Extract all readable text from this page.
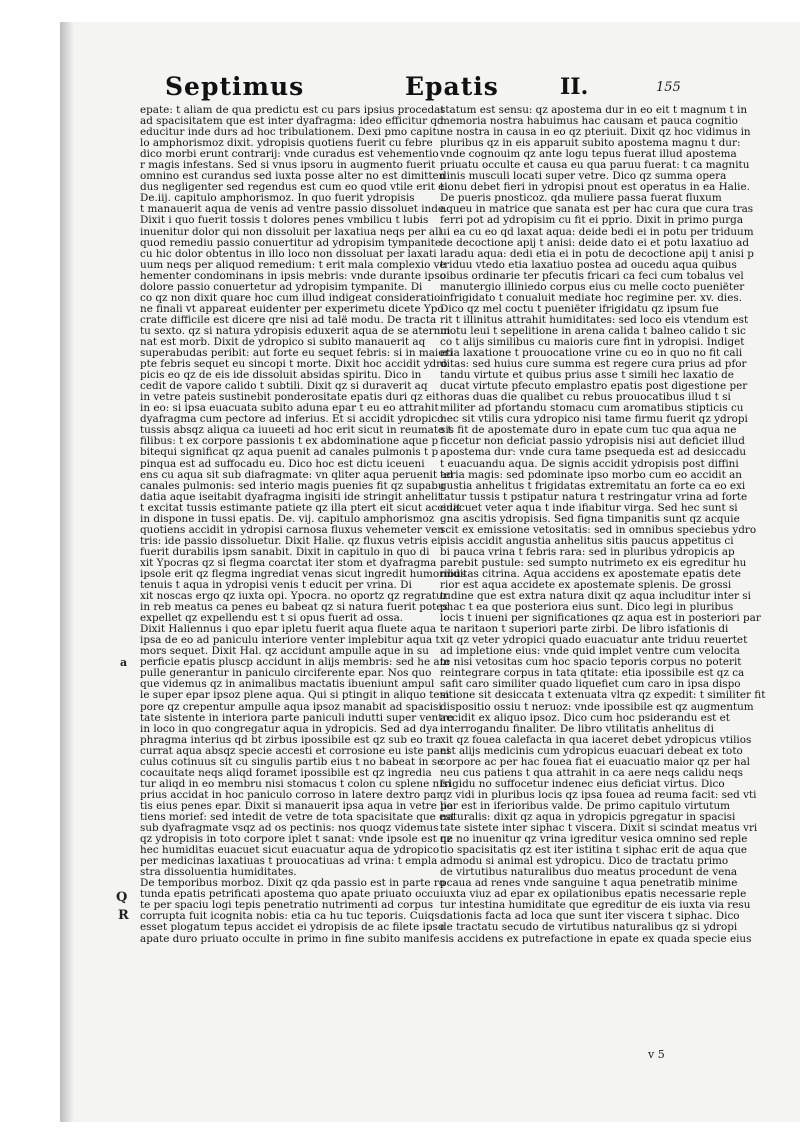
Septimus	Epatis	II.	155
a
Q
R
epate: t aliam de qua predictu est cu pars ipsius procedat
ad spacisitatem que est inter dyafragma: ideo efficitur qd
educitur inde durs ad hoc tribulationem. Dexi pmo capitu
lo amphorismoz dixit. ydropisis quotiens fuerit cu febre
dico morbi erunt contrarij: vnde curadus est vehementio
r magis infestans. Sed si vnus ipsoru in augmento fuerit
omnino est curandus sed iuxta posse alter no est dimitten
dus negligenter sed regendus est cum eo quod vtile erit ei.
De.iij. capitulo amphorismoz. In quo fuerit ydropisis
t manauerit aqua de venis ad ventre passio dissoluet inde.
Dixit i quo fuerit tossis t dolores penes vmbilicu t lubis
inuenitur dolor qui non dissoluit per laxatiua neqs per all
quod remediu passio conuertitur ad ydropisim tympanite
cu hic dolor obtentus in illo loco non dissoluat per laxati
uum neqs per aliquod remedium: t erit mala complexio ve
hementer condominans in ipsis mebris: vnde durante ipso
dolore passio conuertetur ad ydropisim tympanite. Di
co qz non dixit quare hoc cum illud indigeat consideratio
ne finali vt appareat euidenter per experimetu dicete Ypo
crate difficile est dicere qre nisi ad talë modu. De tracta
tu sexto. qz si natura ydropisis eduxerit aqua de se aternui
nat est morb. Dixit de ydropico si subito manauerit aq
superabudas peribit: aut forte eu sequet febris: si in maiori
pte febris sequet eu sincopi t morte. Dixit hoc accidit ydro
picis eo qz de eis ide dissoluit absidas spiritu. Dico in
cedit de vapore calido t subtili. Dixit qz si duraverit aq
in vetre pateis sustinebit ponderositate epatis duri qz eit
in eo: si ipsa euacuata subito aduna epar t eu eo attrahit
dyafragma cum pectore ad inferius. Et si accidit ydropico
tussis absqz aliqua ca iuueeti ad hoc erit sicut in reumate t
filibus: t ex corpore passionis t ex abdominatione aque p
bitequi significat qz aqua puenit ad canales pulmonis t p
pinqua est ad suffocadu eu. Dico hoc est dictu iceueni
ens cu aqua sit sub diafragmate: vn qliter aqua peruenit ad
canales pulmonis: sed interio magis puenies fit qz supabu
datia aque iseitabit dyafragma ingisiti ide stringit anhelit
t excitat tussis estimante patiete qz illa ptert eit sicut accidit
in dispone in tussi epatis. De. vij. capitulo amphorismoz
quotiens accidit in ydropisi carnosa fluxus vehemeter ven
tris: ide passio dissoluetur. Dixit Halie. qz fluxus vetris ei
fuerit durabilis ipsm sanabit. Dixit in capitulo in quo di
xit Ypocras qz si flegma coarctat iter stom et dyafragma
ipsole erit qz flegma ingrediat venas sicut ingredit humoribus
tenuis t aqua in ydropisi venis t educit per vrina. Di
xit noscas ergo qz iuxta opi. Ypocra. no oportz qz regratur
in reb meatus ca penes eu babeat qz si natura fuerit potes
expellet qz expellendu est t si opus fuerit ad ossa.
Dixit Haliennus i quo epar ipletu fuerit aqua fluete aqua
ipsa de eo ad paniculu interiore venter implebitur aqua t
mors sequet. Dixit Hal. qz accidunt ampulle aque in su
perficie epatis pluscp accidunt in alijs membris: sed he am
pulle generantur in paniculo circiferente epar. Nos quo
que videmus qz in animalibus mactatis ibueniunt ampul
le super epar ipsoz plene aqua. Qui si ptingit in aliquo tem
pore qz crepentur ampulle aqua ipsoz manabit ad spacisi
tate sistente in interiora parte paniculi indutti super ventre
in loco in quo congregatur aqua in ydropicis. Sed ad dya
phragma interius qd bt zirbus ipossibile est qz sub eo tra
currat aqua absqz specie accesti et corrosione eu iste pani
culus cotinuus sit cu singulis partib eius t no babeat in se
cocauitate neqs aliqd foramet ipossibile est qz ingredia
tur aliqd in eo membru nisi stomacus t colon cu splene nisi
prius accidat in hoc paniculo corroso in latere dextro par
tis eius penes epar. Dixit si manauerit ipsa aqua in vetre pa
tiens morief: sed intedit de vetre de tota spacisitate que est
sub dyafragmate vsqz ad os pectinis: nos quoqz videmus
qz ydropisis in toto corpore iplet t sanat: vnde ipsole est qz
hec humiditas euacuet sicut euacuatur aqua de ydropico
per medicinas laxatiuas t prouocatiuas ad vrina: t empla
stra dissoluentia humiditates.
De temporibus morboz. Dixit qz qda passio est in parte ro
tunda epatis petrificati apostema quo apate priuato occu
te per spaciu logi tepis penetratio nutrimenti ad corpus
corrupta fuit icognita nobis: etia ca hu tuc teporis. Cuiqs
esset plogatum tepus accidet ei ydropisis de ac filete ipso
apate duro priuato occulte in primo in fine subito manife
statum est sensu: qz apostema dur in eo eit t magnum t in
memoria nostra habuimus hac causam et pauca cognitio
ne nostra in causa in eo qz pteriuit. Dixit qz hoc vidimus in
pluribus qz in eis apparuit subito apostema magnu t dur:
vnde cognouim qz ante logu tepus fuerat illud apostema
priuatu occulte et causa eu qua paruu fuerat: t ca magnitu
dinis musculi locati super vetre. Dico qz summa opera
tionu debet fieri in ydropisi pnout est operatus in ea Halie.
De pueris pnosticoz. qda muliere passa fuerat fluxum
aqueu in matrice que sanata est per hac cura que cura tras
ferri pot ad ydropisim cu fit ei pprio. Dixit in primo purga
ui ea cu eo qd laxat aqua: deide bedi ei in potu per triduum
de decoctione apij t anisi: deide dato ei et potu laxatiuo ad
laradu aqua: dedi etia ei in potu de decoctione apij t anisi p
triduu vtedo etia laxatiuo postea ad oucedu aqua quibus
oibus ordinarie ter pfecutis fricari ca feci cum tobalus vel
manutergio illiniedo corpus eius cu melle cocto pueniëter
infrigidato t conualuit mediate hoc regimine per. xv. dies.
Dico qz mel coctu t pueniëter ifrigidatu qz ipsum fue
rit t illinitus attrahit humiditates: sed loco eis vtendum est
motu leui t sepelitione in arena calida t balneo calido t sic
co t alijs similibus cu maioris cure fint in ydropisi. Indiget
etia laxatione t prouocatione vrine cu eo in quo no fit cali
ditas: sed huius cure summa est regere cura prius ad pfor
tandu virtute et quibus prius asse t simili hec laxatio de
ducat virtute pfecuto emplastro epatis post digestione per
horas duas die qualibet cu rebus prouocatibus illud t si
militer ad pfortandu stomacu cum aromatibus stipticis cu
hec sit vtilis cura ydropico nisi tame firmu fuerit qz ydropi
sis fit de apostemate duro in epate cum tuc qua aqua ne
ficcetur non deficiat passio ydropisis nisi aut deficiet illud
apostema dur: vnde cura tame psequeda est ad desiccadu
t euacuandu aqua. De signis accidit ydropisis post diffini
teria magis: sed pdominate ipso morbo cum eo accidit an
gustia anhelitus t frigidatas extremitatu an forte ca eo exi
tatur tussis t pstipatur natura t restringatur vrina ad forte
euacuet veter aqua t inde ifiabitur virga. Sed hec sunt si
gna ascitis ydropisis. Sed figna timpanitis sunt qz acquie
scit ex emissione vetositatis: sed in omnibus speciebus ydro
pisis accidit angustia anhelitus sitis paucus appetitus ci
bi pauca vrina t febris rara: sed in pluribus ydropicis ap
parebit pustule: sed sumpto nutrimeto ex eis egreditur hu
miditas citrina. Aqua accidens ex apostemate epatis dete
rior est aqua accidete ex apostemate splenis. De grossi
tudine que est extra natura dixit qz aqua includitur inter si
phac t ea que posteriora eius sunt. Dico legi in pluribus
locis t inueni per significationes qz aqua est in posteriori par
te naritaon t superiori parte zirbi. De libro isfationis di
xit qz veter ydropici quado euacuatur ante triduu reuertet
ad impletione eius: vnde quid implet ventre cum velocita
te nisi vetositas cum hoc spacio teporis corpus no poterit
reintegrare corpus in tata qtitate: etia ipossibile est qz ca
safit caro similiter quado liquefiet cum caro in ipsa dispo
sitione sit desiccata t extenuata vltra qz expedit: t similiter fit
dispositio ossiu t neruoz: vnde ipossibile est qz augmentum
accidit ex aliquo ipsoz. Dico cum hoc psiderandu est et
interrogandu finaliter. De libro vtilitatis anhelitus di
xit qz fouea calefacta in qua iaceret debet ydropicus vtilios
est alijs medicinis cum ydropicus euacuari debeat ex toto
corpore ac per hac fouea fiat ei euacuatio maior qz per hal
neu cus patiens t qua attrahit in ca aere neqs calidu neqs
frigidu no suffocetur indenec eius deficiat virtus. Dico
qz vidi in pluribus locis qz ipsa fouea ad reuma facit: sed vti
lior est in iferioribus valde. De primo capitulo virtutum
naturalis: dixit qz aqua in ydropicis pgregatur in spacisi
tate sistete inter siphac t viscera. Dixit si scindat meatus vri
ne no inuenitur qz vrina igreditur vesica omnino sed reple
tio spacisitatis qz est iter istitina t siphac erit de aqua que
admodu si animal est ydropicu. Dico de tractatu primo
de virtutibus naturalibus duo meatus procedunt de vena
pcaua ad renes vnde sanguine t aqua penetratib minime
iuxta viuz ad epar ex opilationibus epatis necessarie reple
tur intestina humiditate que egreditur de eis iuxta via resu
dationis facta ad loca que sunt iter viscera t siphac. Dico
de tractatu secudo de virtutibus naturalibus qz si ydropi
sis accidens ex putrefactione in epate ex quada specie eius
v 5
